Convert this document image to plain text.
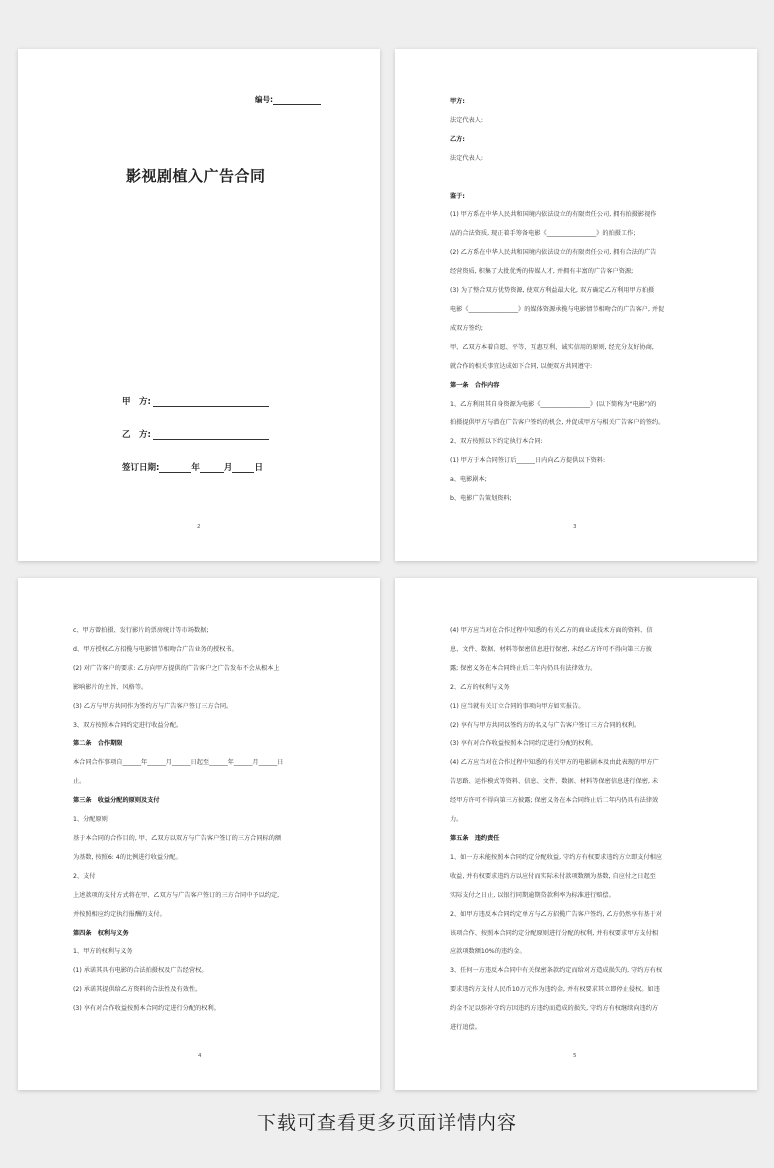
编号:
影视剧植入广告合同
甲　方:
乙　方:
签订日期:	年	月	日
2

甲方:

法定代表人:

乙方:

法定代表人:

鉴于:

(1) 甲方系在中华人民共和国境内依法设立的有限责任公司, 拥有拍摄影视作

品的合法资质, 现正着手筹备电影《________________》的拍摄工作;

(2) 乙方系在中华人民共和国境内依法设立的有限责任公司, 拥有合法的广告

经营资质, 积集了大批优秀的传媒人才, 并拥有丰富的广告客户资源;

(3) 为了整合双方优势资源, 使双方利益最大化, 双方确定乙方利用甲方拍摄

电影《________________》的媒体资源承揽与电影情节相吻合的广告客户, 并促

成双方签约;

甲、乙双方本着自愿、平等、互惠互利、诚实信用的原则, 经充分友好协商,

就合作的相关事宜达成如下合同, 以便双方共同遵守:

第一条　合作内容

1、乙方利用其自身资源为电影《________________》(以下简称为"电影")的

拍摄提供甲方与潜在广告客户签约的机会, 并促成甲方与相关广告客户的签约。

2、双方按照以下约定执行本合同:

(1) 甲方于本合同签订后______日内向乙方提供以下资料:

a、电影剧本;

b、电影广告策划资料;

3

c、甲方曾拍摄、发行影片的票房统计等市场数据;

d、甲方授权乙方招揽与电影情节相吻合广告业务的授权书。

(2) 对广告客户的要求: 乙方向甲方提供的广告客户之广告发布不会从根本上

影响影片的主旨、风格等。

(3) 乙方与甲方共同作为签约方与广告客户签订三方合同。

3、双方按照本合同约定进行收益分配。

第二条　合作期限

本合同合作事项自______年______月______日起至______年______月______日

止。

第三条　收益分配的原则及支付

1、分配原则

基于本合同的合作目的, 甲、乙双方以双方与广告客户签订的三方合同标的额

为基数, 按照6: 4的比例进行收益分配。

2、支付

上述款项的支付方式将在甲、乙双方与广告客户签订的三方合同中予以约定,

并按照相应约定执行报酬的支付。

第四条　权利与义务

1、甲方的权利与义务

(1) 承诺其具有电影的合法拍摄权及广告经营权。

(2) 承诺其提供给乙方资料的合法性及有效性。

(3) 享有对合作收益按照本合同约定进行分配的权利。

4

(4) 甲方应当对在合作过程中知悉的有关乙方的商业或技术方面的资料、信

息、文件、数据、材料等保密信息进行保密, 未经乙方许可不得向第三方披

露; 保密义务在本合同终止后二年内仍具有法律效力。

2、乙方的权利与义务

(1) 应当就有关订立合同的事项向甲方如实报告。

(2) 享有与甲方共同以签约方的名义与广告客户签订三方合同的权利。

(3) 享有对合作收益按照本合同约定进行分配的权利。

(4) 乙方应当对在合作过程中知悉的有关甲方的电影剧本及由此表现的甲方广

告思路、运作模式等资料、信息、文件、数据、材料等保密信息进行保密, 未

经甲方许可不得向第三方披露; 保密义务在本合同终止后二年内仍具有法律效

力。

第五条　违约责任

1、如一方未能按照本合同约定分配收益, 守约方有权要求违约方立即支付相应

收益, 并有权要求违约方以应付而实际未付款项数额为基数, 自应付之日起至

实际支付之日止, 以银行同期逾期贷款利率为标准进行赔偿。

2、如甲方违反本合同约定单方与乙方招揽广告客户签约, 乙方仍然享有基于对

该项合作、按照本合同约定分配原则进行分配的权利, 并有权要求甲方支付相

应款项数额10%的违约金。

3、任何一方违反本合同中有关保密条款约定而给对方造成损失的, 守约方有权

要求违约方支付人民币10万元作为违约金, 并有权要求其立即停止侵权。如违

约金不足以弥补守约方因违约方违约而造成的损失, 守约方有权继续向违约方

进行追偿。

5
下载可查看更多页面详情内容
